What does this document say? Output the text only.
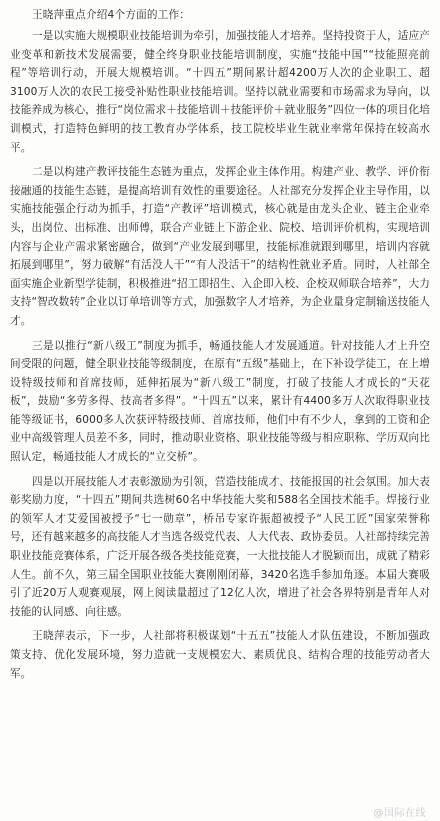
王晓萍重点介绍4个方面的工作：

一是以实施大规模职业技能培训为牵引，加强技能人才培养。坚持投资于人，适应产业变革和新技术发展需要，健全终身职业技能培训制度，实施“技能中国”“技能照亮前程”等培训行动，开展大规模培训。“十四五”期间累计超4200万人次的企业职工、超3100万人次的农民工接受补贴性职业技能培训。坚持以就业需要和市场需求为导向，以技能养成为核心，推行“岗位需求＋技能培训＋技能评价＋就业服务”四位一体的项目化培训模式，打造特色鲜明的技工教育办学体系，技工院校毕业生就业率常年保持在较高水平。

二是以构建产教评技能生态链为重点，发挥企业主体作用。构建产业、教学、评价衔接融通的技能生态链，是提高培训有效性的重要途径。人社部充分发挥企业主导作用，以实施技能强企行动为抓手，打造“产教评”培训模式，核心就是由龙头企业、链主企业牵头，出岗位、出标准、出师傅，联合产业链上下游企业、院校、培训评价机构，实现培训内容与企业产需求紧密融合，做到“产业发展到哪里，技能标准就跟到哪里，培训内容就拓展到哪里”，努力破解“有活没人干”“有人没活干”的结构性就业矛盾。同时，人社部全面实施企业新型学徒制，积极推进“招工即招生、入企即入校、企校双师联合培养”，大力支持“智改数转”企业以订单培训等方式，加强数字人才培养，为企业量身定制输送技能人才。

三是以推行“新八级工”制度为抓手，畅通技能人才发展通道。针对技能人才上升空间受限的问题，健全职业技能等级制度，在原有“五级”基础上，在下补设学徒工，在上增设特级技师和首席技师，延伸拓展为“新八级工”制度，打破了技能人才成长的“天花板”，鼓励“多劳多得、技高者多得”。“十四五”以来，累计有4400多万人次取得职业技能等级证书，6000多人次获评特级技师、首席技师，他们中有不少人，拿到的工资和企业中高级管理人员差不多，同时，推动职业资格、职业技能等级与相应职称、学历双向比照认定，畅通技能人才成长的“立交桥”。

四是以开展技能人才表彰激励为引领，营造技能成才、技能报国的社会氛围。加大表彰奖励力度，“十四五”期间共选树60名中华技能大奖和588名全国技术能手。焊接行业的领军人才艾爱国被授予“七一勋章”，桥吊专家许振超被授予“人民工匠”国家荣誉称号，还有越来越多的高技能人才当选各级党代表、人大代表、政协委员。人社部持续完善职业技能竞赛体系，广泛开展各级各类技能竞赛，一大批技能人才脱颖而出，成就了精彩人生。前不久，第三届全国职业技能大赛刚刚闭幕，3420名选手参加角逐。本届大赛吸引了近20万人观赛观展，网上阅读量超过了12亿人次，增进了社会各界特别是青年人对技能的认同感、向往感。

王晓萍表示，下一步，人社部将积极谋划“十五五”技能人才队伍建设，不断加强政策支持、优化发展环境，努力造就一支规模宏大、素质优良、结构合理的技能劳动者大军。

@国际在线
